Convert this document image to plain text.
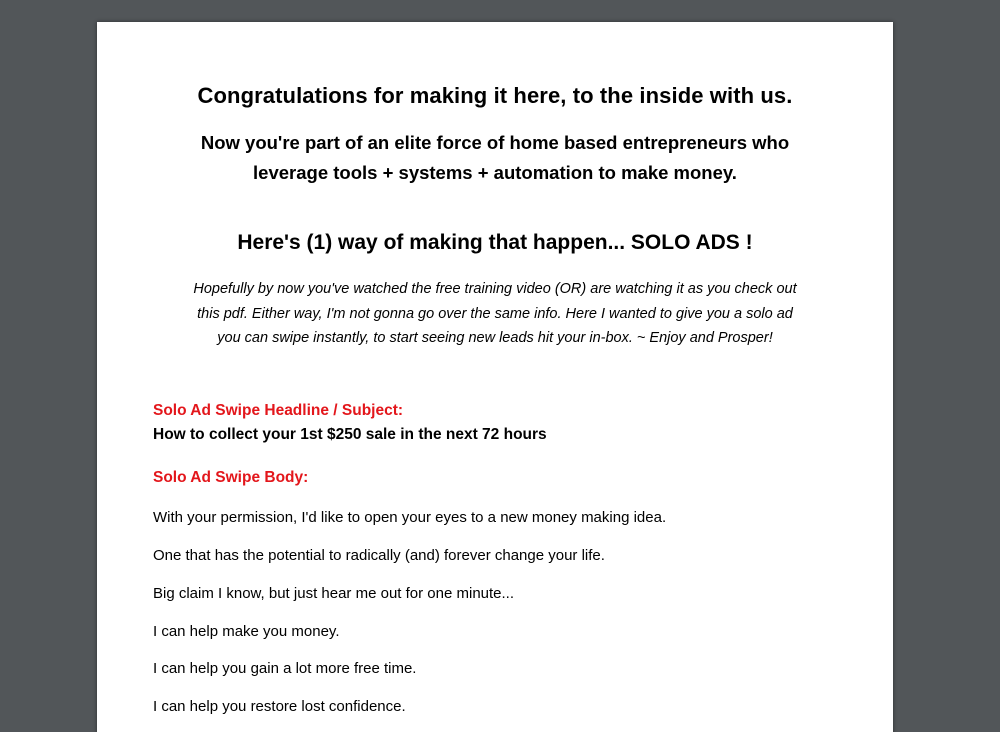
Congratulations for making it here, to the inside with us.
Now you're part of an elite force of home based entrepreneurs who
leverage tools + systems + automation to make money.
Here's (1) way of making that happen... SOLO ADS !
Hopefully by now you've watched the free training video (OR) are watching it as you check out
this pdf. Either way, I'm not gonna go over the same info. Here I wanted to give you a solo ad
you can swipe instantly, to start seeing new leads hit your in-box. ~ Enjoy and Prosper!
Solo Ad Swipe Headline / Subject:
How to collect your 1st $250 sale in the next 72 hours
Solo Ad Swipe Body:
With your permission, I'd like to open your eyes to a new money making idea.
One that has the potential to radically (and) forever change your life.
Big claim I know, but just hear me out for one minute...
I can help make you money.
I can help you gain a lot more free time.
I can help you restore lost confidence.
